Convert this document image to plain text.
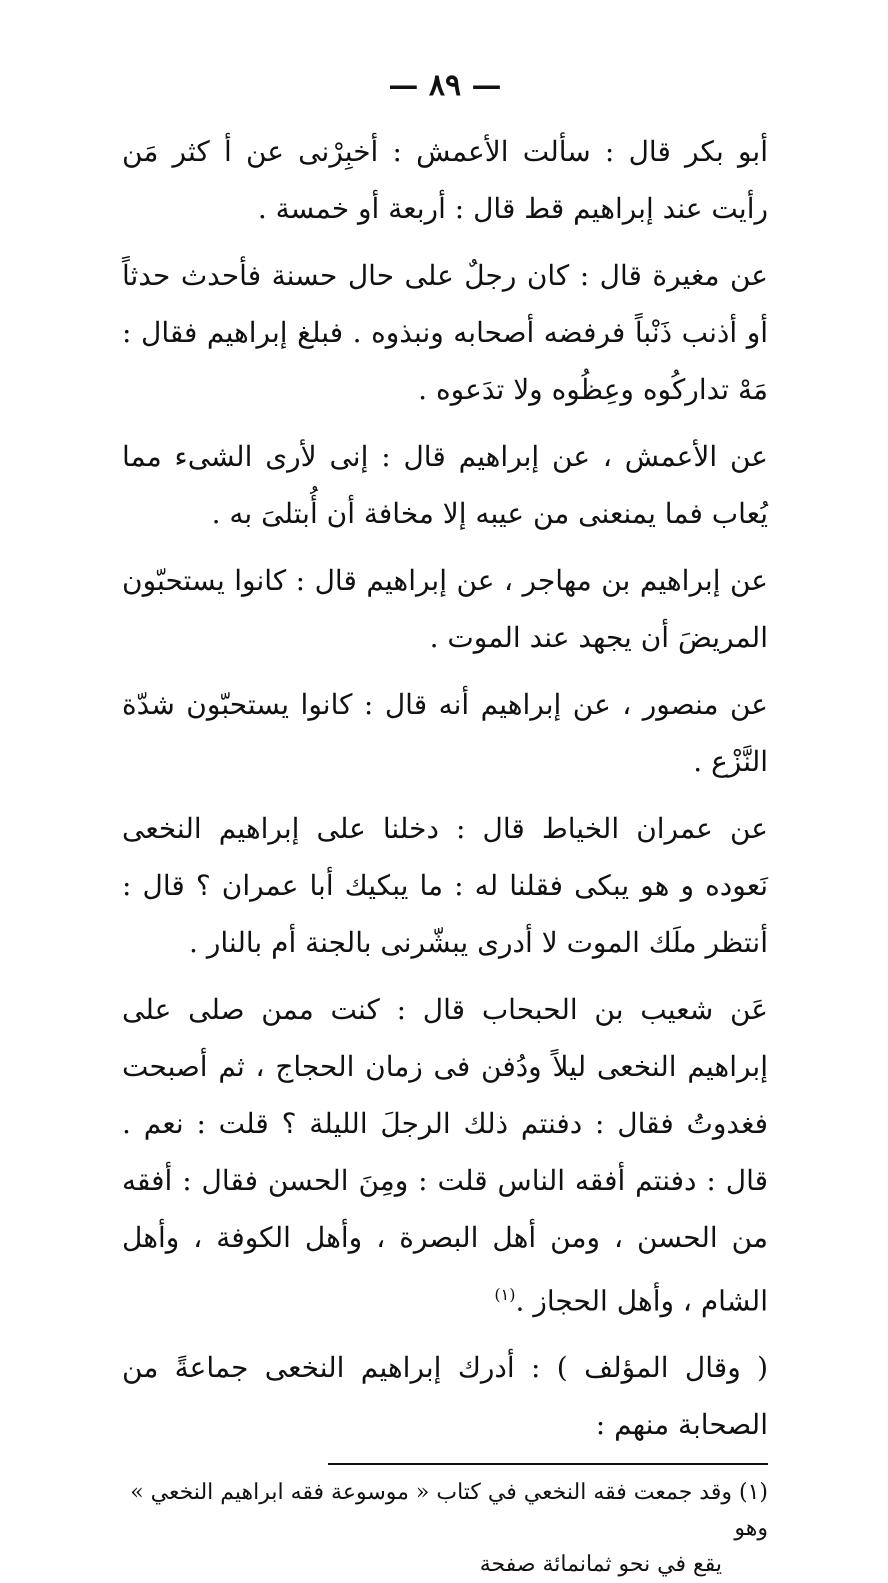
— ٨٩ —

أبو بكر قال : سألت الأعمش : أخبِرْنى عن أ كثر مَن رأيت عند إبراهيم قط قال : أربعة أو خمسة .

عن مغيرة قال : كان رجلٌ على حال حسنة فأحدث حدثاً أو أذنب ذَنْباً فرفضه أصحابه ونبذوه . فبلغ إبراهيم فقال : مَهْ تداركُوه وعِظُوه ولا تدَعوه .

عن الأعمش ، عن إبراهيم قال : إنى لأرى الشىء مما يُعاب فما يمنعنى من عيبه إلا مخافة أن أُبتلىَ به .

عن إبراهيم بن مهاجر ، عن إبراهيم قال : كانوا يستحبّون المريضَ أن يجهد عند الموت .

عن منصور ، عن إبراهيم أنه قال : كانوا يستحبّون شدّة النَّزْع .

عن عمران الخياط قال : دخلنا على إبراهيم النخعى نَعوده و هو يبكى فقلنا له : ما يبكيك أبا عمران ؟ قال : أنتظر ملَك الموت لا أدرى يبشّرنى بالجنة أم بالنار .

عَن شعيب بن الحبحاب قال : كنت ممن صلى على إبراهيم النخعى ليلاً ودُفن فى زمان الحجاج ، ثم أصبحت فغدوتُ فقال : دفنتم ذلك الرجلَ الليلة ؟ قلت : نعم . قال : دفنتم أفقه الناس قلت : ومِنَ الحسن فقال : أفقه من الحسن ، ومن أهل البصرة ، وأهل الكوفة ، وأهل الشام ، وأهل الحجاز .$^{(١)}$

( وقال المؤلف ) : أدرك إبراهيم النخعى جماعةً من الصحابة منهم :

(١) وقد جمعت فقه النخعي في كتاب « موسوعة فقه ابراهيم النخعي » وهو

يقع في نحو ثمانمائة صفحة
